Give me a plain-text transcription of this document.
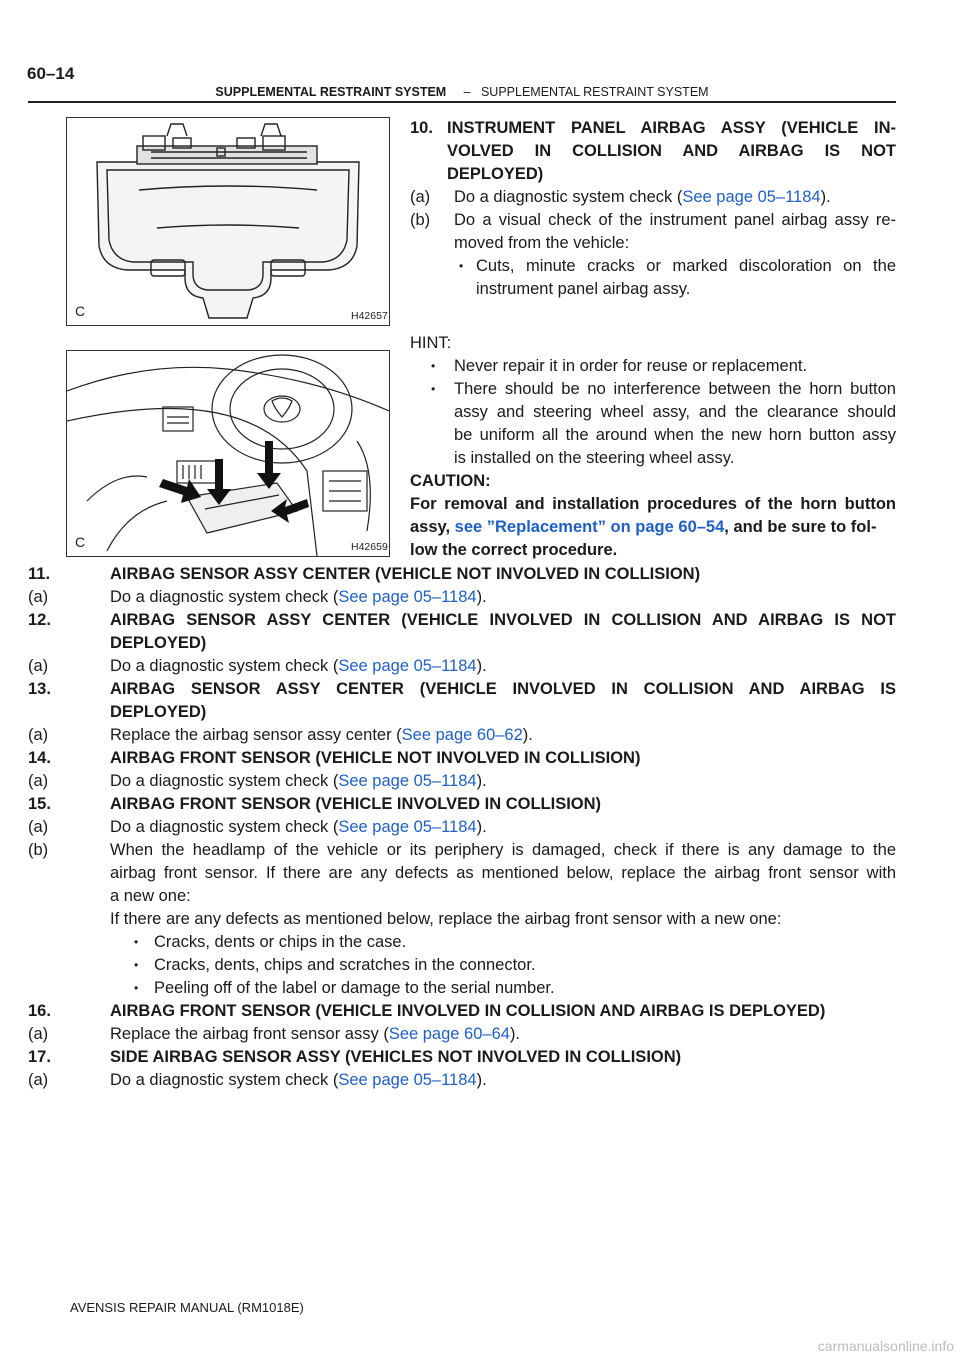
60–14
SUPPLEMENTAL RESTRAINT SYSTEM – SUPPLEMENTAL RESTRAINT SYSTEM
C	H42657
C	H42659
10. INSTRUMENT PANEL AIRBAG ASSY (VEHICLE IN-
VOLVED IN COLLISION AND AIRBAG IS NOT
DEPLOYED)
(a) Do a diagnostic system check (See page 05–1184).
(b) Do a visual check of the instrument panel airbag assy re-
moved from the vehicle:
• Cuts, minute cracks or marked discoloration on the
instrument panel airbag assy.
HINT:
• Never repair it in order for reuse or replacement.
• There should be no interference between the horn button
assy and steering wheel assy, and the clearance should
be uniform all the around when the new horn button assy
is installed on the steering wheel assy.
CAUTION:
For removal and installation procedures of the horn button
assy, see ”Replacement” on page 60–54, and be sure to fol-
low the correct procedure.
11.	AIRBAG SENSOR ASSY CENTER (VEHICLE NOT INVOLVED IN COLLISION)
(a)	Do a diagnostic system check (See page 05–1184).
12.	AIRBAG SENSOR ASSY CENTER (VEHICLE INVOLVED IN COLLISION AND AIRBAG IS NOT
DEPLOYED)
(a)	Do a diagnostic system check (See page 05–1184).
13.	AIRBAG SENSOR ASSY CENTER (VEHICLE INVOLVED IN COLLISION AND AIRBAG IS
DEPLOYED)
(a)	Replace the airbag sensor assy center (See page 60–62).
14.	AIRBAG FRONT SENSOR (VEHICLE NOT INVOLVED IN COLLISION)
(a)	Do a diagnostic system check (See page 05–1184).
15.	AIRBAG FRONT SENSOR (VEHICLE INVOLVED IN COLLISION)
(a)	Do a diagnostic system check (See page 05–1184).
(b)	When the headlamp of the vehicle or its periphery is damaged, check if there is any damage to the
airbag front sensor. If there are any defects as mentioned below, replace the airbag front sensor with
a new one:
If there are any defects as mentioned below, replace the airbag front sensor with a new one:
• Cracks, dents or chips in the case.
• Cracks, dents, chips and scratches in the connector.
• Peeling off of the label or damage to the serial number.
16.	AIRBAG FRONT SENSOR (VEHICLE INVOLVED IN COLLISION AND AIRBAG IS DEPLOYED)
(a)	Replace the airbag front sensor assy (See page 60–64).
17.	SIDE AIRBAG SENSOR ASSY (VEHICLES NOT INVOLVED IN COLLISION)
(a)	Do a diagnostic system check (See page 05–1184).
AVENSIS REPAIR MANUAL (RM1018E)
carmanualsonline.info
